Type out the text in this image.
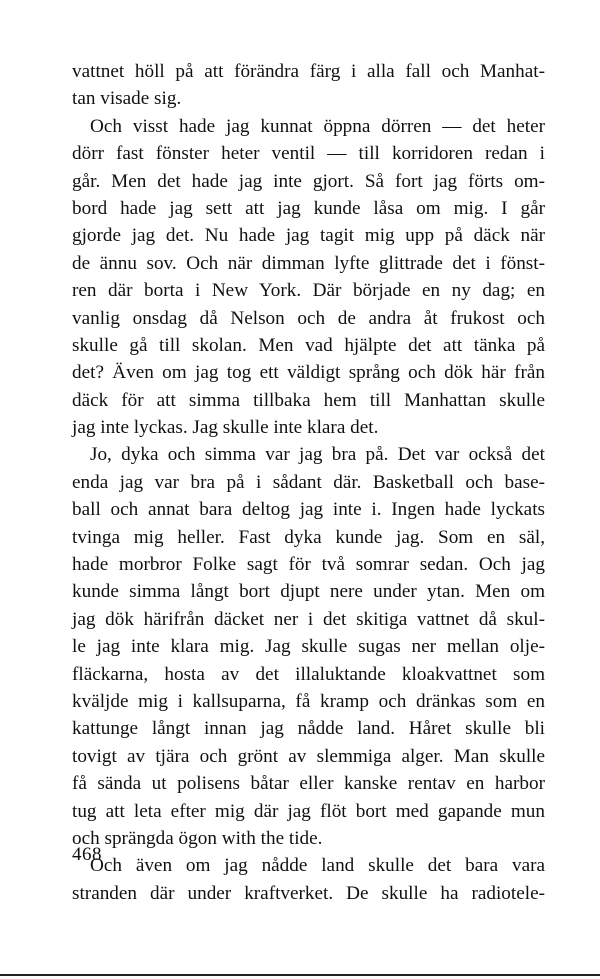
vattnet höll på att förändra färg i alla fall och Manhat-
tan visade sig.
Och visst hade jag kunnat öppna dörren — det heter
dörr fast fönster heter ventil — till korridoren redan i
går. Men det hade jag inte gjort. Så fort jag förts om-
bord hade jag sett att jag kunde låsa om mig. I går
gjorde jag det. Nu hade jag tagit mig upp på däck när
de ännu sov. Och när dimman lyfte glittrade det i fönst-
ren där borta i New York. Där började en ny dag; en
vanlig onsdag då Nelson och de andra åt frukost och
skulle gå till skolan. Men vad hjälpte det att tänka på
det? Även om jag tog ett väldigt språng och dök här från
däck för att simma tillbaka hem till Manhattan skulle
jag inte lyckas. Jag skulle inte klara det.
Jo, dyka och simma var jag bra på. Det var också det
enda jag var bra på i sådant där. Basketball och base-
ball och annat bara deltog jag inte i. Ingen hade lyckats
tvinga mig heller. Fast dyka kunde jag. Som en säl,
hade morbror Folke sagt för två somrar sedan. Och jag
kunde simma långt bort djupt nere under ytan. Men om
jag dök härifrån däcket ner i det skitiga vattnet då skul-
le jag inte klara mig. Jag skulle sugas ner mellan olje-
fläckarna, hosta av det illaluktande kloakvattnet som
kväljde mig i kallsuparna, få kramp och dränkas som en
kattunge långt innan jag nådde land. Håret skulle bli
tovigt av tjära och grönt av slemmiga alger. Man skulle
få sända ut polisens båtar eller kanske rentav en harbor
tug att leta efter mig där jag flöt bort med gapande mun
och sprängda ögon with the tide.
Och även om jag nådde land skulle det bara vara
stranden där under kraftverket. De skulle ha radiotele-
468
